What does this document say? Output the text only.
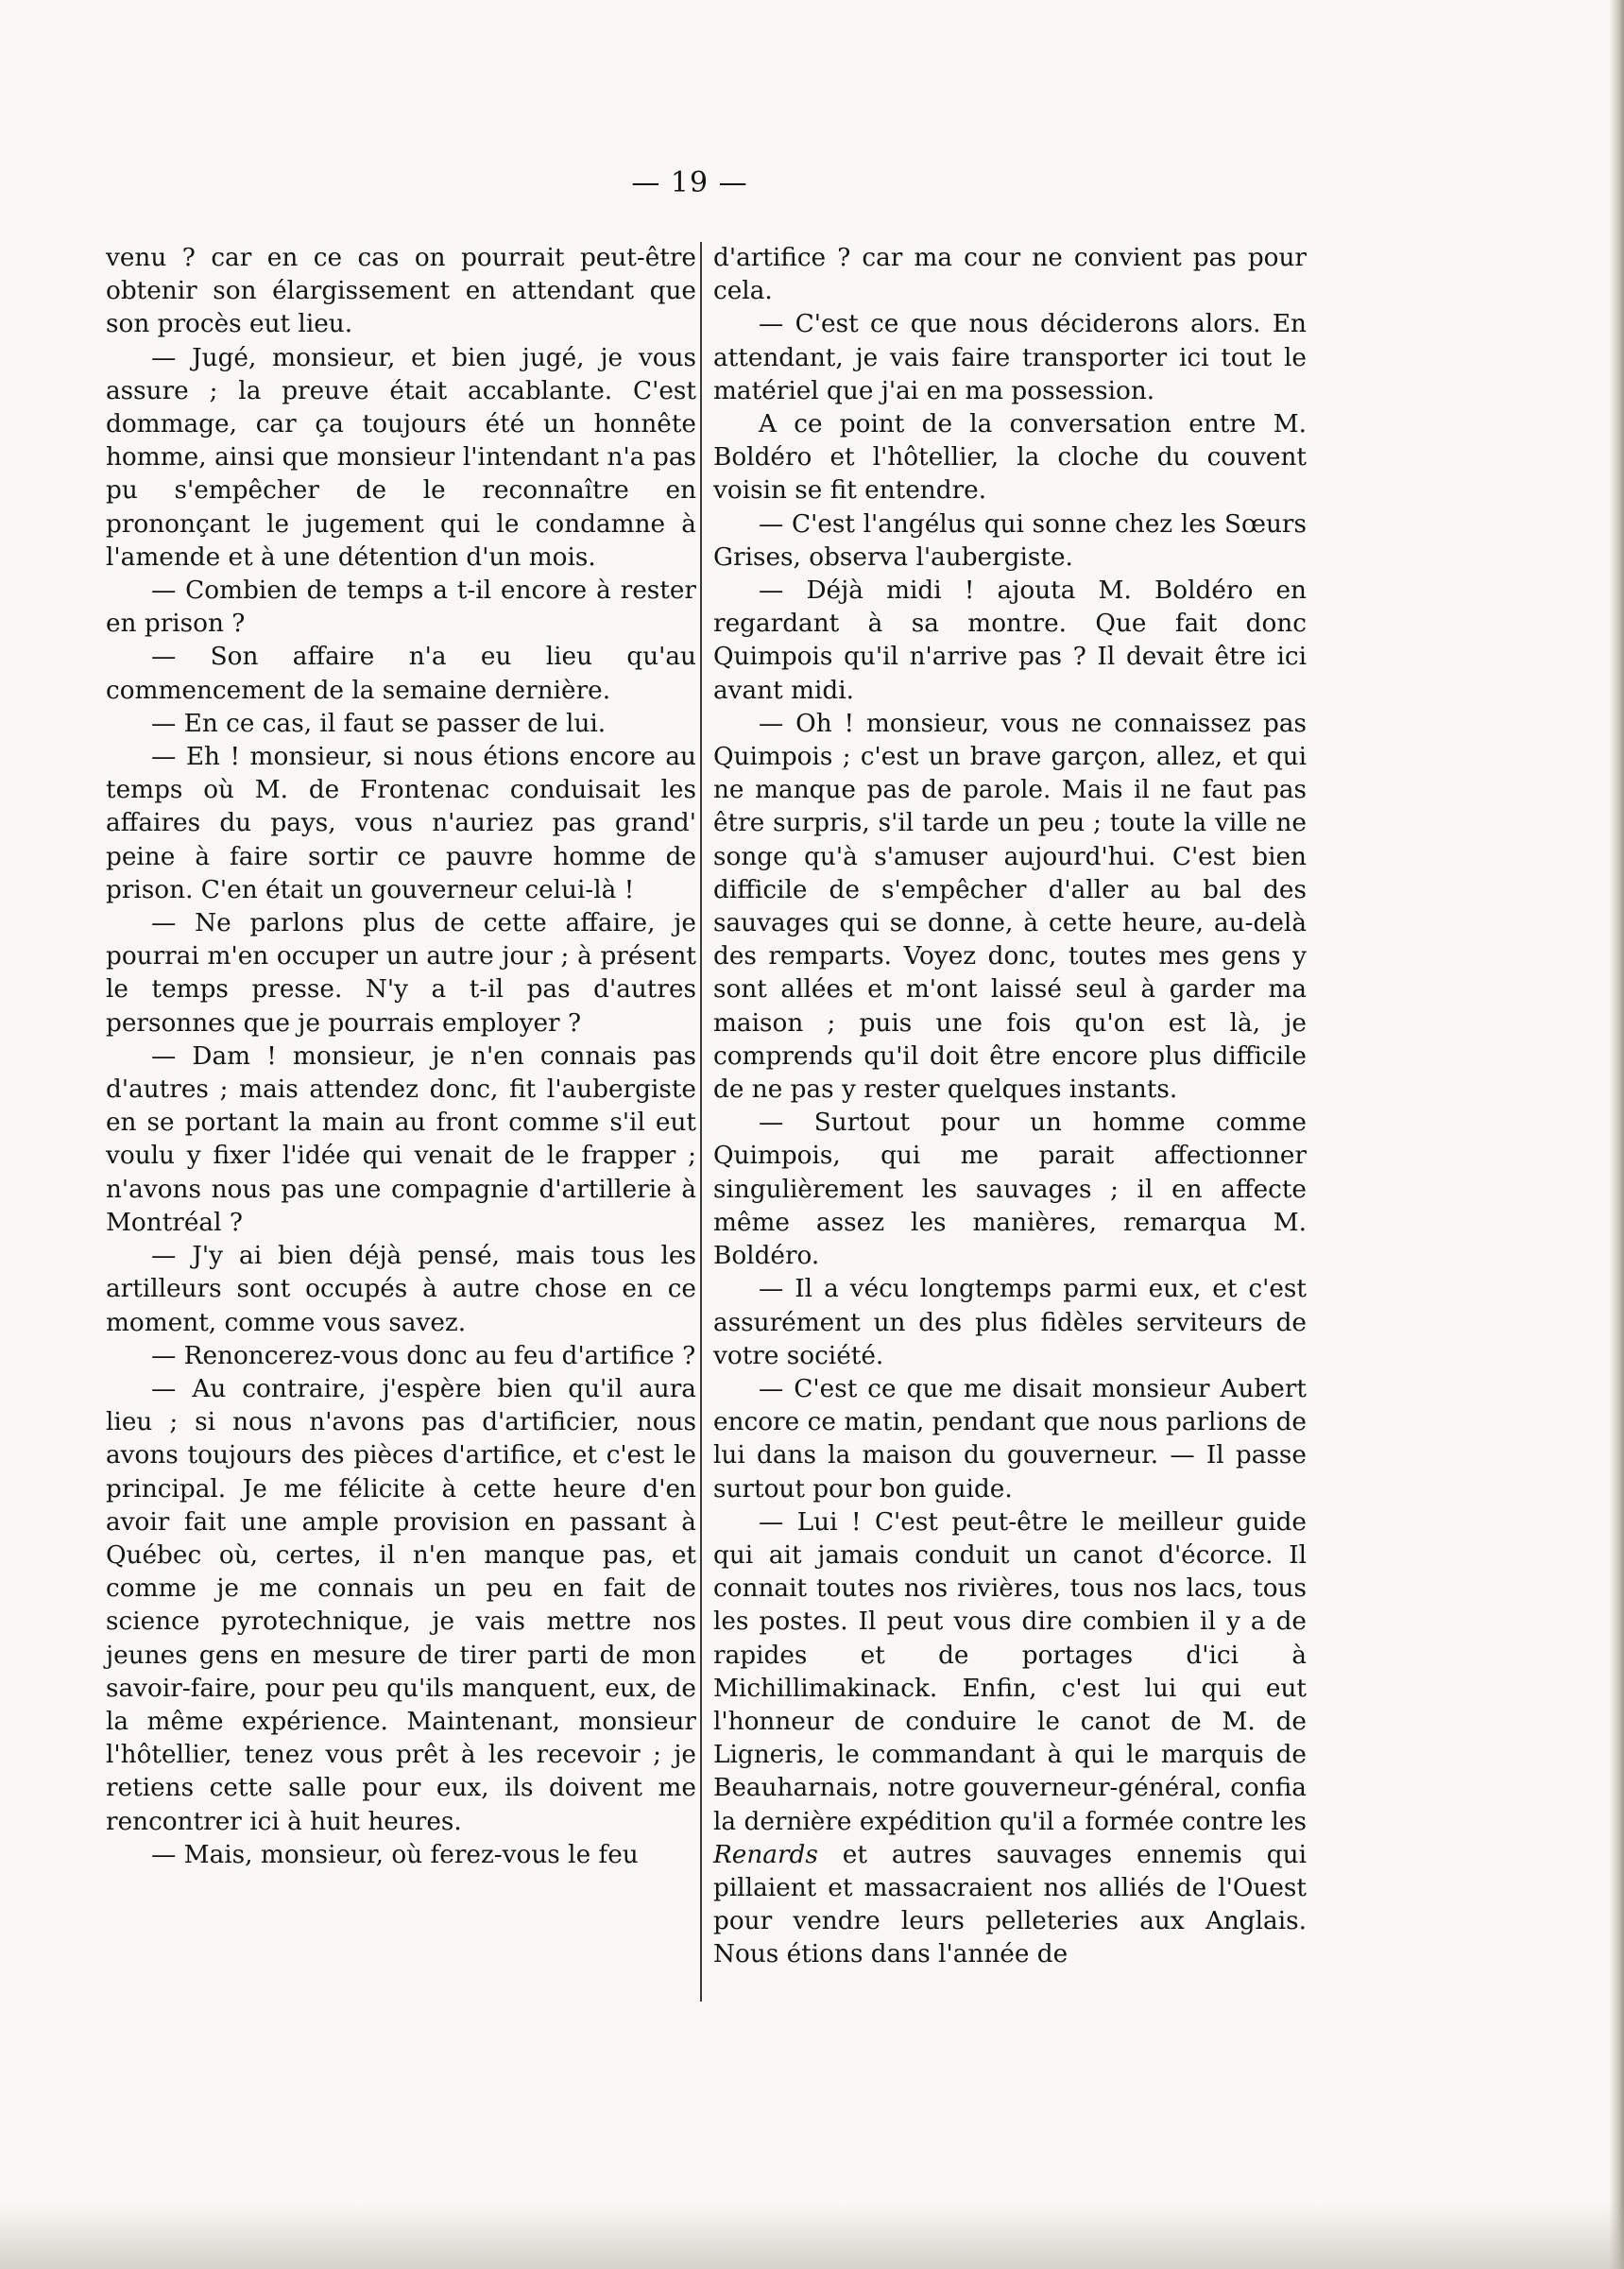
— 19 —

venu ? car en ce cas on pourrait peut-être obtenir son élargissement en attendant que son procès eut lieu.

— Jugé, monsieur, et bien jugé, je vous assure ; la preuve était accablante. C'est dommage, car ça toujours été un honnête homme, ainsi que monsieur l'intendant n'a pas pu s'empêcher de le reconnaître en prononçant le jugement qui le condamne à l'amende et à une détention d'un mois.

— Combien de temps a t-il encore à rester en prison ?

— Son affaire n'a eu lieu qu'au commencement de la semaine dernière.

— En ce cas, il faut se passer de lui.

— Eh ! monsieur, si nous étions encore au temps où M. de Frontenac conduisait les affaires du pays, vous n'auriez pas grand' peine à faire sortir ce pauvre homme de prison. C'en était un gouverneur celui-là !

— Ne parlons plus de cette affaire, je pourrai m'en occuper un autre jour ; à présent le temps presse. N'y a t-il pas d'autres personnes que je pourrais employer ?

— Dam ! monsieur, je n'en connais pas d'autres ; mais attendez donc, fit l'aubergiste en se portant la main au front comme s'il eut voulu y fixer l'idée qui venait de le frapper ; n'avons nous pas une compagnie d'artillerie à Montréal ?

— J'y ai bien déjà pensé, mais tous les artilleurs sont occupés à autre chose en ce moment, comme vous savez.

— Renoncerez-vous donc au feu d'artifice ?

— Au contraire, j'espère bien qu'il aura lieu ; si nous n'avons pas d'artificier, nous avons toujours des pièces d'artifice, et c'est le principal. Je me félicite à cette heure d'en avoir fait une ample provision en passant à Québec où, certes, il n'en manque pas, et comme je me connais un peu en fait de science pyrotechnique, je vais mettre nos jeunes gens en mesure de tirer parti de mon savoir-faire, pour peu qu'ils manquent, eux, de la même expérience. Maintenant, monsieur l'hôtellier, tenez vous prêt à les recevoir ; je retiens cette salle pour eux, ils doivent me rencontrer ici à huit heures.

— Mais, monsieur, où ferez-vous le feu

d'artifice ? car ma cour ne convient pas pour cela.

— C'est ce que nous déciderons alors. En attendant, je vais faire transporter ici tout le matériel que j'ai en ma possession.

A ce point de la conversation entre M. Boldéro et l'hôtellier, la cloche du couvent voisin se fit entendre.

— C'est l'angélus qui sonne chez les Sœurs Grises, observa l'aubergiste.

— Déjà midi ! ajouta M. Boldéro en regardant à sa montre. Que fait donc Quimpois qu'il n'arrive pas ? Il devait être ici avant midi.

— Oh ! monsieur, vous ne connaissez pas Quimpois ; c'est un brave garçon, allez, et qui ne manque pas de parole. Mais il ne faut pas être surpris, s'il tarde un peu ; toute la ville ne songe qu'à s'amuser aujourd'hui. C'est bien difficile de s'empêcher d'aller au bal des sauvages qui se donne, à cette heure, au-delà des remparts. Voyez donc, toutes mes gens y sont allées et m'ont laissé seul à garder ma maison ; puis une fois qu'on est là, je comprends qu'il doit être encore plus difficile de ne pas y rester quelques instants.

— Surtout pour un homme comme Quimpois, qui me parait affectionner singulièrement les sauvages ; il en affecte même assez les manières, remarqua M. Boldéro.

— Il a vécu longtemps parmi eux, et c'est assurément un des plus fidèles serviteurs de votre société.

— C'est ce que me disait monsieur Aubert encore ce matin, pendant que nous parlions de lui dans la maison du gouverneur. — Il passe surtout pour bon guide.

— Lui ! C'est peut-être le meilleur guide qui ait jamais conduit un canot d'écorce. Il connait toutes nos rivières, tous nos lacs, tous les postes. Il peut vous dire combien il y a de rapides et de portages d'ici à Michillimakinack. Enfin, c'est lui qui eut l'honneur de conduire le canot de M. de Ligneris, le commandant à qui le marquis de Beauharnais, notre gouverneur-général, confia la dernière expédition qu'il a formée contre les Renards et autres sauvages ennemis qui pillaient et massacraient nos alliés de l'Ouest pour vendre leurs pelleteries aux Anglais. Nous étions dans l'année de
